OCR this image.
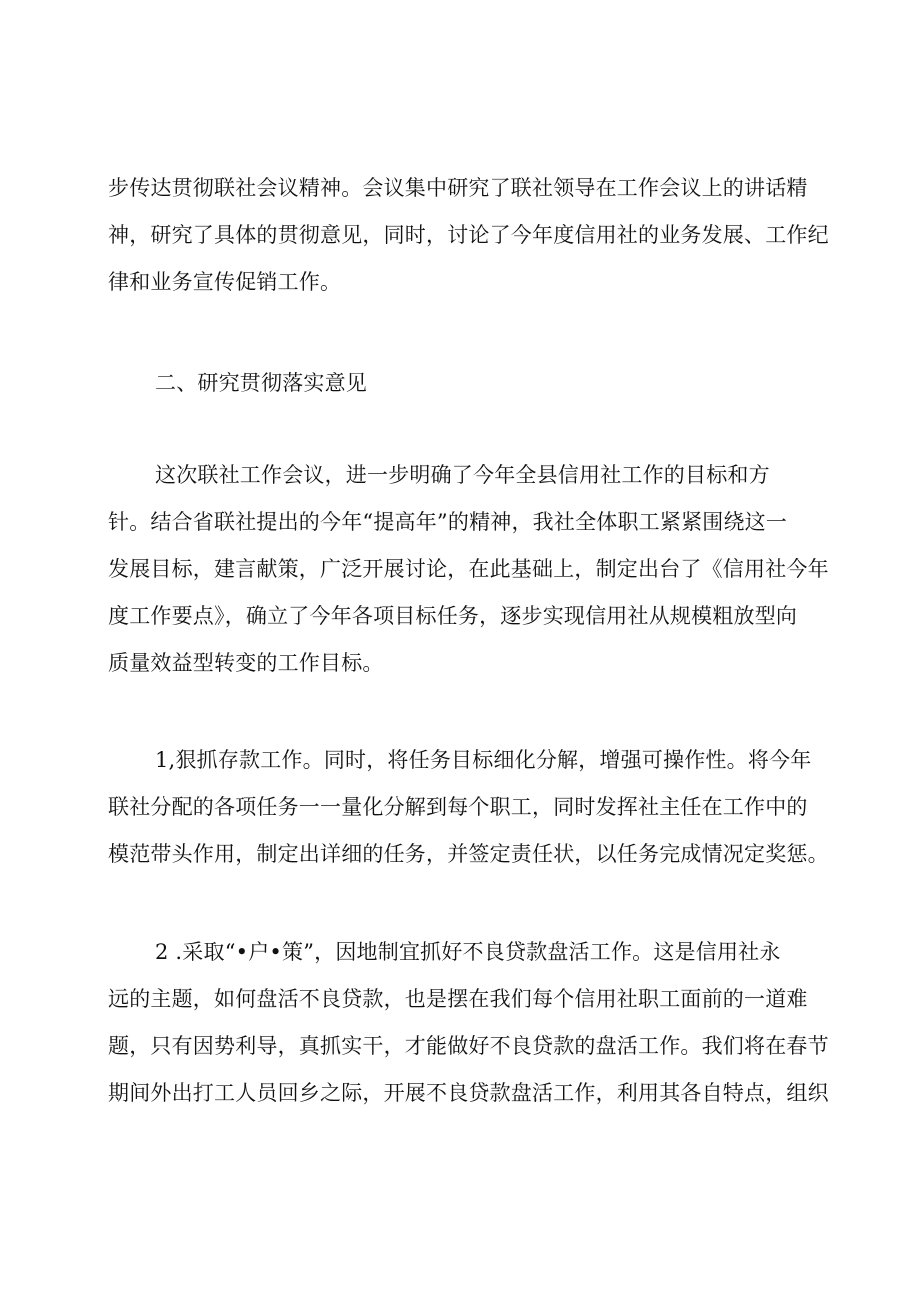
步传达贯彻联社会议精神。会议集中研究了联社领导在工作会议上的讲话精
神，研究了具体的贯彻意见，同时，讨论了今年度信用社的业务发展、工作纪
律和业务宣传促销工作。

二、研究贯彻落实意见

这次联社工作会议，进一步明确了今年全县信用社工作的目标和方
针。结合省联社提出的今年“提高年”的精神，我社全体职工紧紧围绕这一
发展目标，建言献策，广泛开展讨论，在此基础上，制定出台了《信用社今年
度工作要点》，确立了今年各项目标任务，逐步实现信用社从规模粗放型向
质量效益型转变的工作目标。

1,狠抓存款工作。同时，将任务目标细化分解，增强可操作性。将今年
联社分配的各项任务一一量化分解到每个职工，同时发挥社主任在工作中的
模范带头作用，制定出详细的任务，并签定责任状，以任务完成情况定奖惩。

2 .采取“•户•策”，因地制宜抓好不良贷款盘活工作。这是信用社永
远的主题，如何盘活不良贷款，也是摆在我们每个信用社职工面前的一道难
题，只有因势利导，真抓实干，才能做好不良贷款的盘活工作。我们将在春节
期间外出打工人员回乡之际，开展不良贷款盘活工作，利用其各自特点，组织
